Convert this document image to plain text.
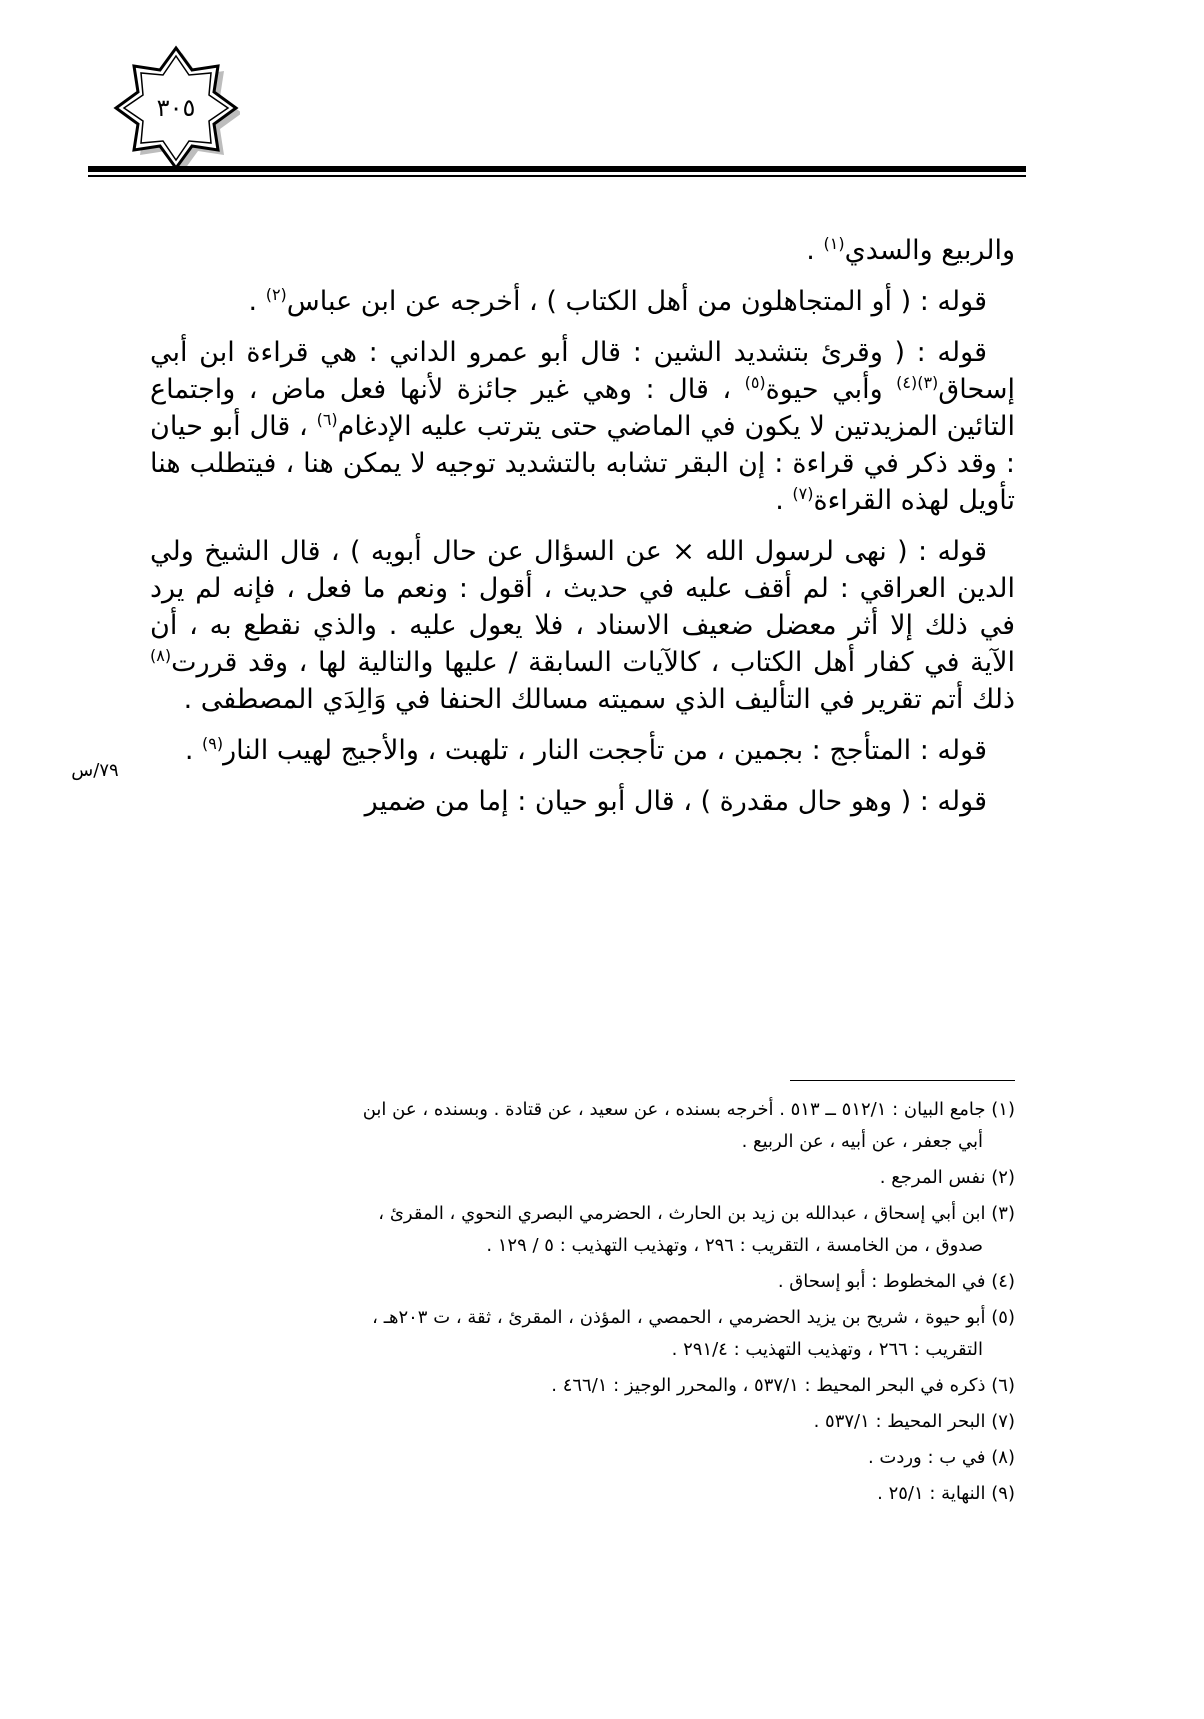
٣٠٥
٧٩/س

والربيع والسدي$^{(١)}$ .

قوله : ( أو المتجاهلون من أهل الكتاب ) ، أخرجه عن ابن عباس$^{(٢)}$ .

قوله : ( وقرئ بتشديد الشين : قال أبو عمرو الداني : هي قراءة ابن أبي إسحاق$^{(٣)(٤)}$ وأبي حيوة$^{(٥)}$ ، قال : وهي غير جائزة لأنها فعل ماض ، واجتماع التائين المزيدتين لا يكون في الماضي حتى يترتب عليه الإدغام$^{(٦)}$ ، قال أبو حيان : وقد ذكر في قراءة : إن البقر تشابه بالتشديد توجيه لا يمكن هنا ، فيتطلب هنا تأويل لهذه القراءة$^{(٧)}$ .

قوله : ( نهى لرسول الله × عن السؤال عن حال أبويه ) ، قال الشيخ ولي الدين العراقي : لم أقف عليه في حديث ، أقول : ونعم ما فعل ، فإنه لم يرد في ذلك إلا أثر معضل ضعيف الاسناد ، فلا يعول عليه . والذي نقطع به ، أن الآية في كفار أهل الكتاب ، كالآيات السابقة / عليها والتالية لها ، وقد قررت$^{(٨)}$ ذلك أتم تقرير في التأليف الذي سميته مسالك الحنفا في وَالِدَي المصطفى .

قوله : المتأجج : بجمين ، من تأججت النار ، تلهبت ، والأجيج لهيب النار$^{(٩)}$ .

قوله : ( وهو حال مقدرة ) ، قال أبو حيان : إما من ضمير

(١) جامع البيان : ٥١٢/١ ــ ٥١٣ . أخرجه بسنده ، عن سعيد ، عن قتادة . وبسنده ، عن ابن
أبي جعفر ، عن أبيه ، عن الربيع .
(٢) نفس المرجع .
(٣) ابن أبي إسحاق ، عبدالله بن زيد بن الحارث ، الحضرمي البصري النحوي ، المقرئ ،
صدوق ، من الخامسة ، التقريب : ٢٩٦ ، وتهذيب التهذيب : ٥ / ١٢٩ .
(٤) في المخطوط : أبو إسحاق .
(٥) أبو حيوة ، شريح بن يزيد الحضرمي ، الحمصي ، المؤذن ، المقرئ ، ثقة ، ت ٢٠٣هـ ،
التقريب : ٢٦٦ ، وتهذيب التهذيب : ٢٩١/٤ .
(٦) ذكره في البحر المحيط : ٥٣٧/١ ، والمحرر الوجيز : ٤٦٦/١ .
(٧) البحر المحيط : ٥٣٧/١ .
(٨) في ب : وردت .
(٩) النهاية : ٢٥/١ .
